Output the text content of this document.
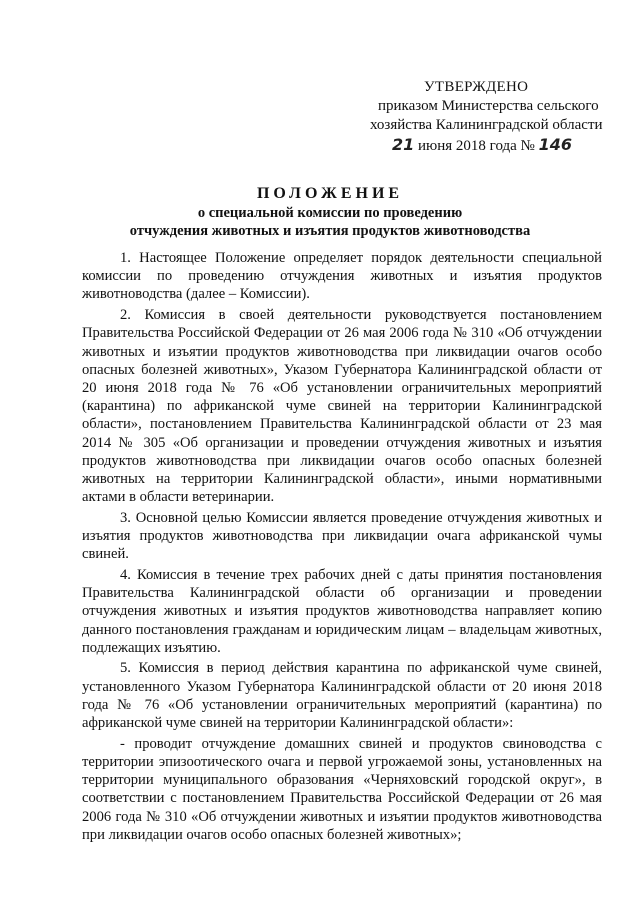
УТВЕРЖДЕНО
приказом Министерства сельского
хозяйства Калининградской области
21 июня 2018 года № 146
ПОЛОЖЕНИЕ
о специальной комиссии по проведению
отчуждения животных и изъятия продуктов животноводства

1. Настоящее Положение определяет порядок деятельности специальной комиссии по проведению отчуждения животных и изъятия продуктов животноводства (далее – Комиссии).

2. Комиссия в своей деятельности руководствуется постановлением Правительства Российской Федерации от 26 мая 2006 года № 310 «Об отчуждении животных и изъятии продуктов животноводства при ликвидации очагов особо опасных болезней животных», Указом Губернатора Калининградской области от 20 июня 2018 года № 76 «Об установлении ограничительных мероприятий (карантина) по африканской чуме свиней на территории Калининградской области», постановлением Правительства Калининградской области от 23 мая 2014 № 305 «Об организации и проведении отчуждения животных и изъятия продуктов животноводства при ликвидации очагов особо опасных болезней животных на территории Калининградской области», иными нормативными актами в области ветеринарии.

3. Основной целью Комиссии является проведение отчуждения животных и изъятия продуктов животноводства при ликвидации очага африканской чумы свиней.

4. Комиссия в течение трех рабочих дней с даты принятия постановления Правительства Калининградской области об организации и проведении отчуждения животных и изъятия продуктов животноводства направляет копию данного постановления гражданам и юридическим лицам – владельцам животных, подлежащих изъятию.

5. Комиссия в период действия карантина по африканской чуме свиней, установленного Указом Губернатора Калининградской области от 20 июня 2018 года № 76 «Об установлении ограничительных мероприятий (карантина) по африканской чуме свиней на территории Калининградской области»:

- проводит отчуждение домашних свиней и продуктов свиноводства с территории эпизоотического очага и первой угрожаемой зоны, установленных на территории муниципального образования «Черняховский городской округ», в соответствии с постановлением Правительства Российской Федерации от 26 мая 2006 года № 310 «Об отчуждении животных и изъятии продуктов животноводства при ликвидации очагов особо опасных болезней животных»;
